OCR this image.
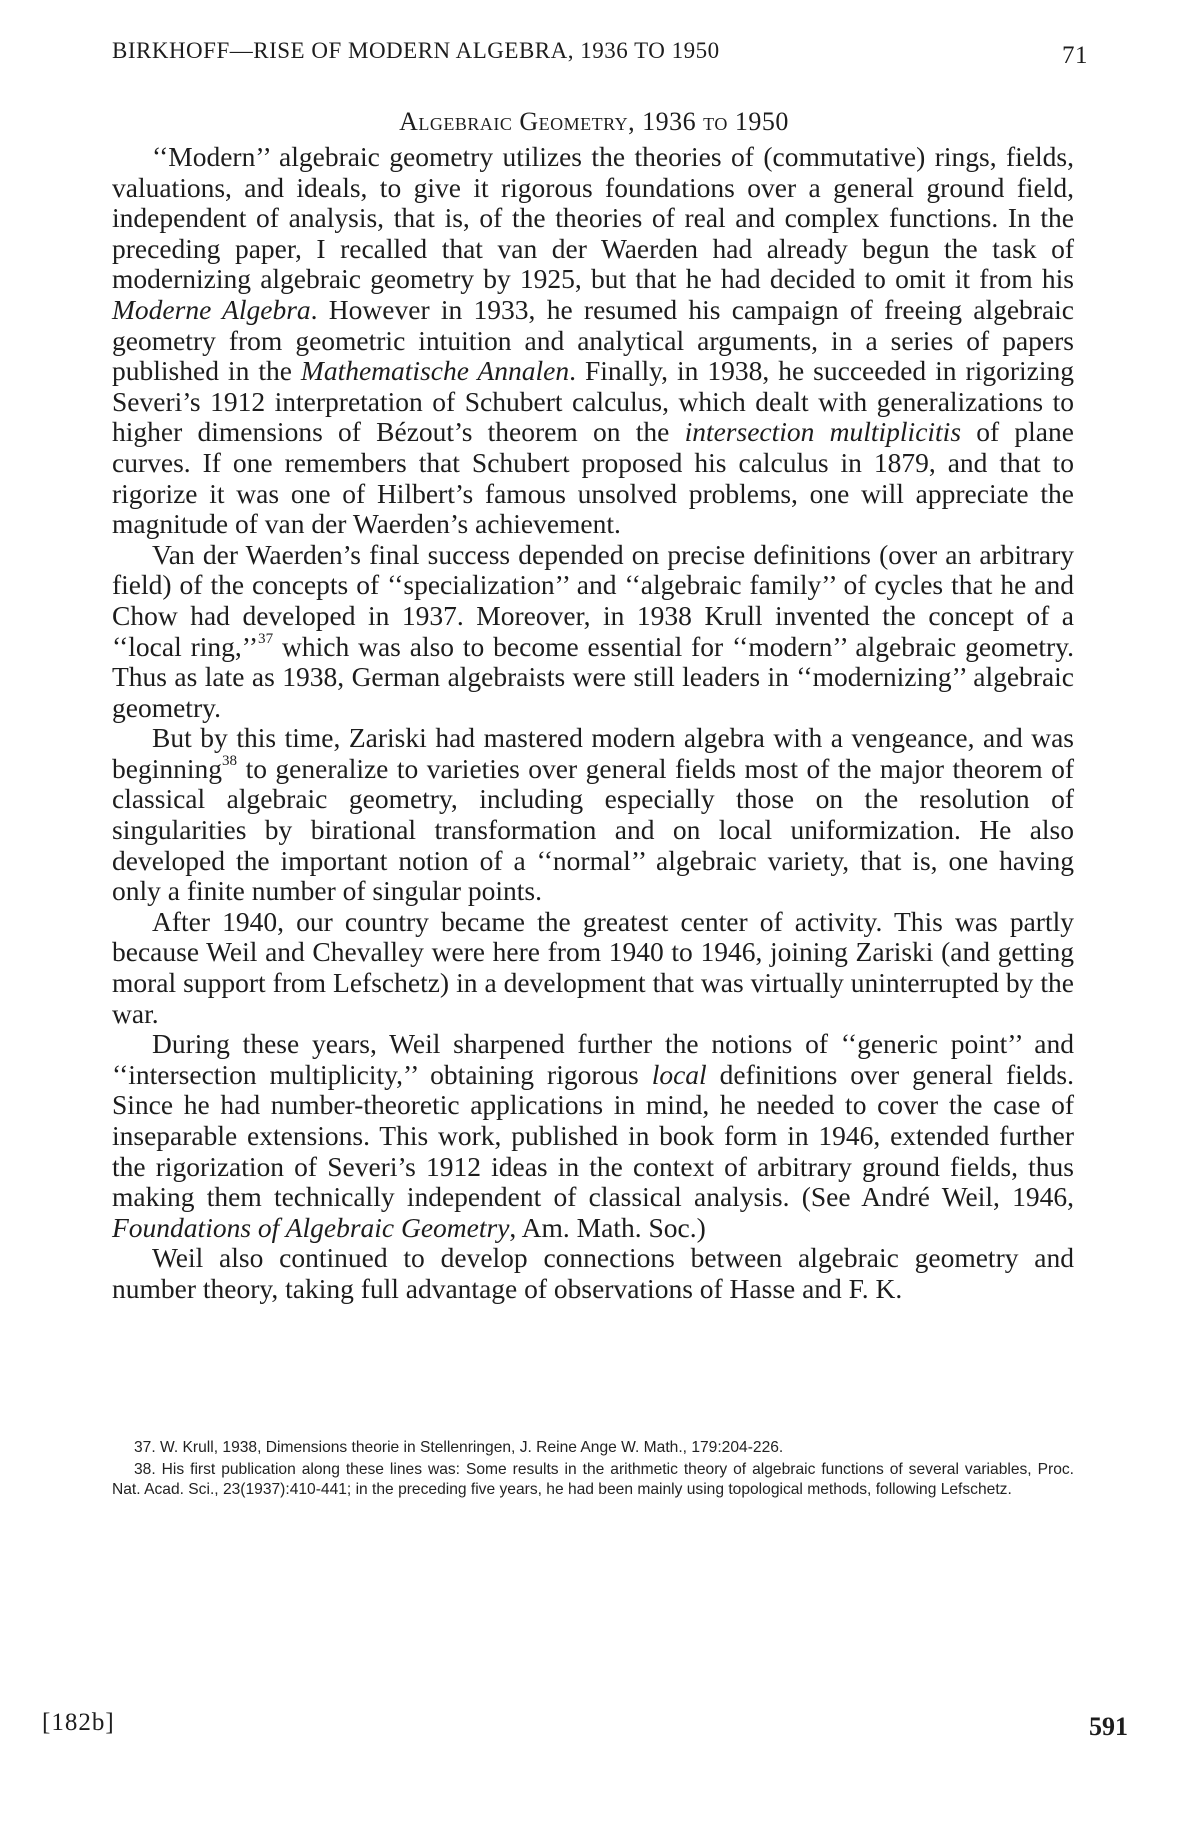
BIRKHOFF—RISE OF MODERN ALGEBRA, 1936 TO 1950	71
Algebraic Geometry, 1936 to 1950

‘‘Modern’’ algebraic geometry utilizes the theories of (commutative) rings, fields, valuations, and ideals, to give it rigorous foundations over a general ground field, independent of analysis, that is, of the theories of real and complex functions. In the preceding paper, I recalled that van der Waerden had already begun the task of modernizing algebraic geometry by 1925, but that he had decided to omit it from his Moderne Algebra. However in 1933, he resumed his campaign of freeing algebraic geometry from geometric intuition and analytical arguments, in a series of papers published in the Mathematische Annalen. Finally, in 1938, he succeeded in rigorizing Severi’s 1912 interpretation of Schubert calculus, which dealt with generalizations to higher dimensions of Bézout’s theorem on the intersection multiplicitis of plane curves. If one remembers that Schubert proposed his calculus in 1879, and that to rigorize it was one of Hilbert’s famous unsolved problems, one will appreciate the magnitude of van der Waerden’s achievement.

Van der Waerden’s final success depended on precise definitions (over an arbitrary field) of the concepts of ‘‘specialization’’ and ‘‘algebraic family’’ of cycles that he and Chow had developed in 1937. Moreover, in 1938 Krull invented the concept of a ‘‘local ring,’’$^{37}$ which was also to become essential for ‘‘modern’’ algebraic geometry. Thus as late as 1938, German algebraists were still leaders in ‘‘modernizing’’ algebraic geometry.

But by this time, Zariski had mastered modern algebra with a vengeance, and was beginning$^{38}$ to generalize to varieties over general fields most of the major theorem of classical algebraic geometry, including especially those on the resolution of singularities by birational transformation and on local uniformization. He also developed the important notion of a ‘‘normal’’ algebraic variety, that is, one having only a finite number of singular points.

After 1940, our country became the greatest center of activity. This was partly because Weil and Chevalley were here from 1940 to 1946, joining Zariski (and getting moral support from Lefschetz) in a development that was virtually uninterrupted by the war.

During these years, Weil sharpened further the notions of ‘‘generic point’’ and ‘‘intersection multiplicity,’’ obtaining rigorous local definitions over general fields. Since he had number-theoretic applications in mind, he needed to cover the case of inseparable extensions. This work, published in book form in 1946, extended further the rigorization of Severi’s 1912 ideas in the context of arbitrary ground fields, thus making them technically independent of classical analysis. (See André Weil, 1946, Foundations of Algebraic Geometry, Am. Math. Soc.)

Weil also continued to develop connections between algebraic geometry and number theory, taking full advantage of observations of Hasse and F. K.

37. W. Krull, 1938, Dimensions theorie in Stellenringen, J. Reine Ange W. Math., 179:204-226.

38. His first publication along these lines was: Some results in the arithmetic theory of algebraic functions of several variables, Proc. Nat. Acad. Sci., 23(1937):410-441; in the preceding five years, he had been mainly using topological methods, following Lefschetz.

[182b]	591
